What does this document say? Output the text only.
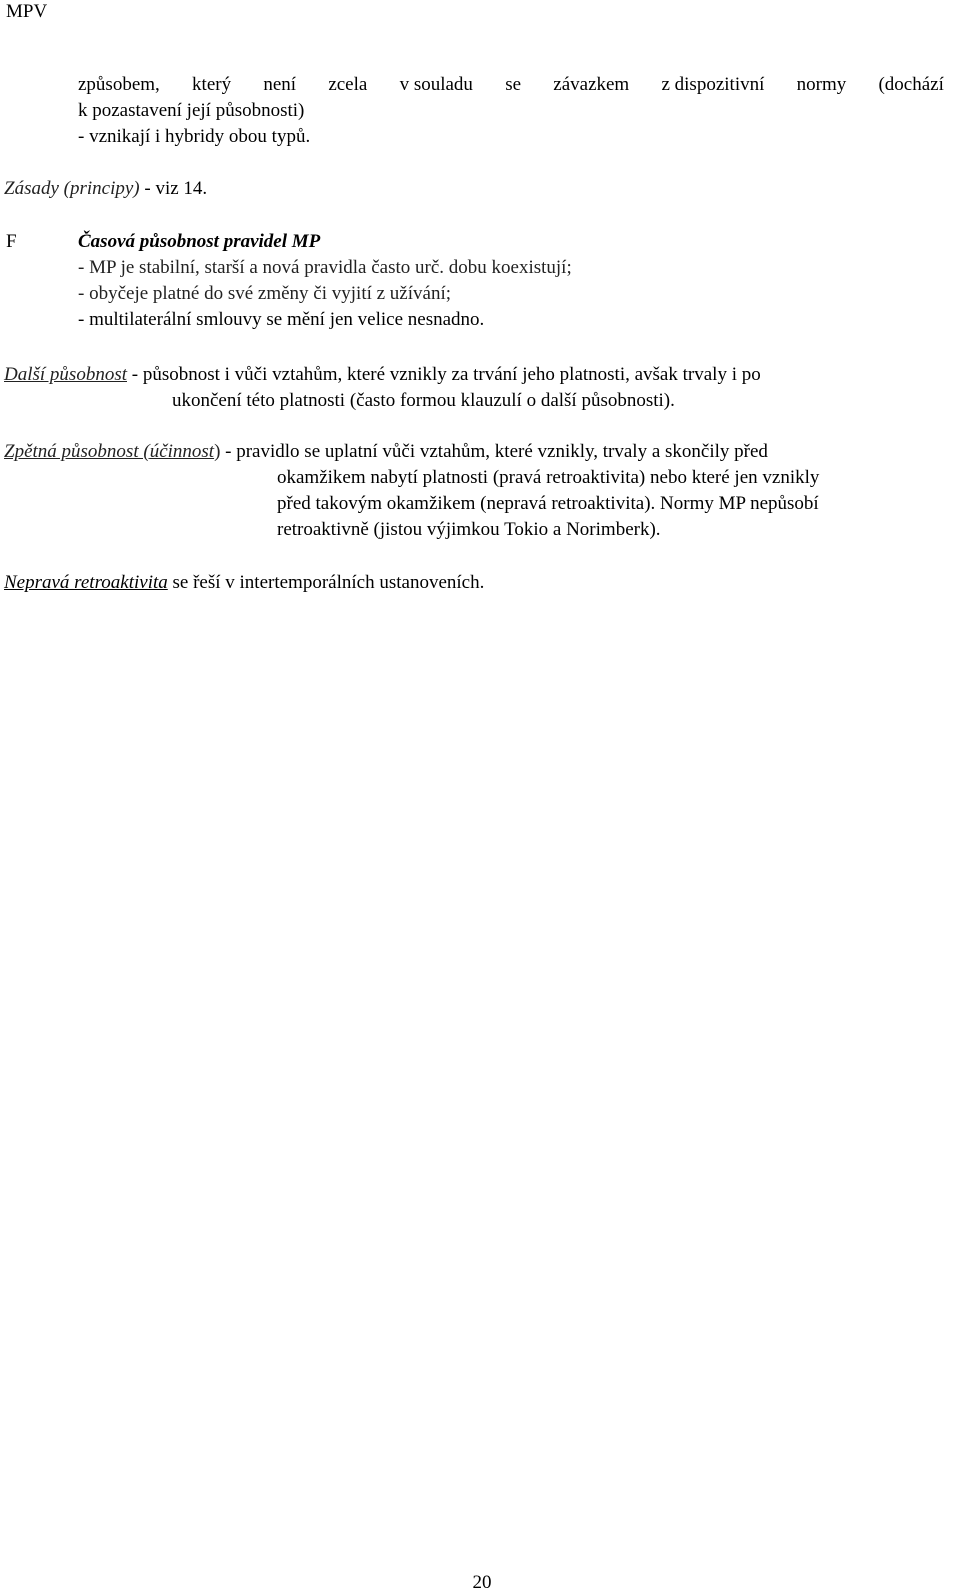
MPV
způsobem, který není zcela v souladu se závazkem z dispozitivní normy (dochází
k pozastavení její působnosti)
- vznikají i hybridy obou typů.
Zásady (principy) - viz 14.
F	Časová působnost pravidel MP
- MP je stabilní, starší a nová pravidla často urč. dobu koexistují;
- obyčeje platné do své změny či vyjití z užívání;
- multilaterální smlouvy se mění jen velice nesnadno.
Další působnost - působnost i vůči vztahům, které vznikly za trvání jeho platnosti, avšak trvaly i po
ukončení této platnosti (často formou klauzulí o další působnosti).
Zpětná působnost (účinnost) - pravidlo se uplatní vůči vztahům, které vznikly, trvaly a skončily před
okamžikem nabytí platnosti (pravá retroaktivita) nebo které jen vznikly
před takovým okamžikem (nepravá retroaktivita). Normy MP nepůsobí
retroaktivně (jistou výjimkou Tokio a Norimberk).
Nepravá retroaktivita se řeší v intertemporálních ustanoveních.
20
